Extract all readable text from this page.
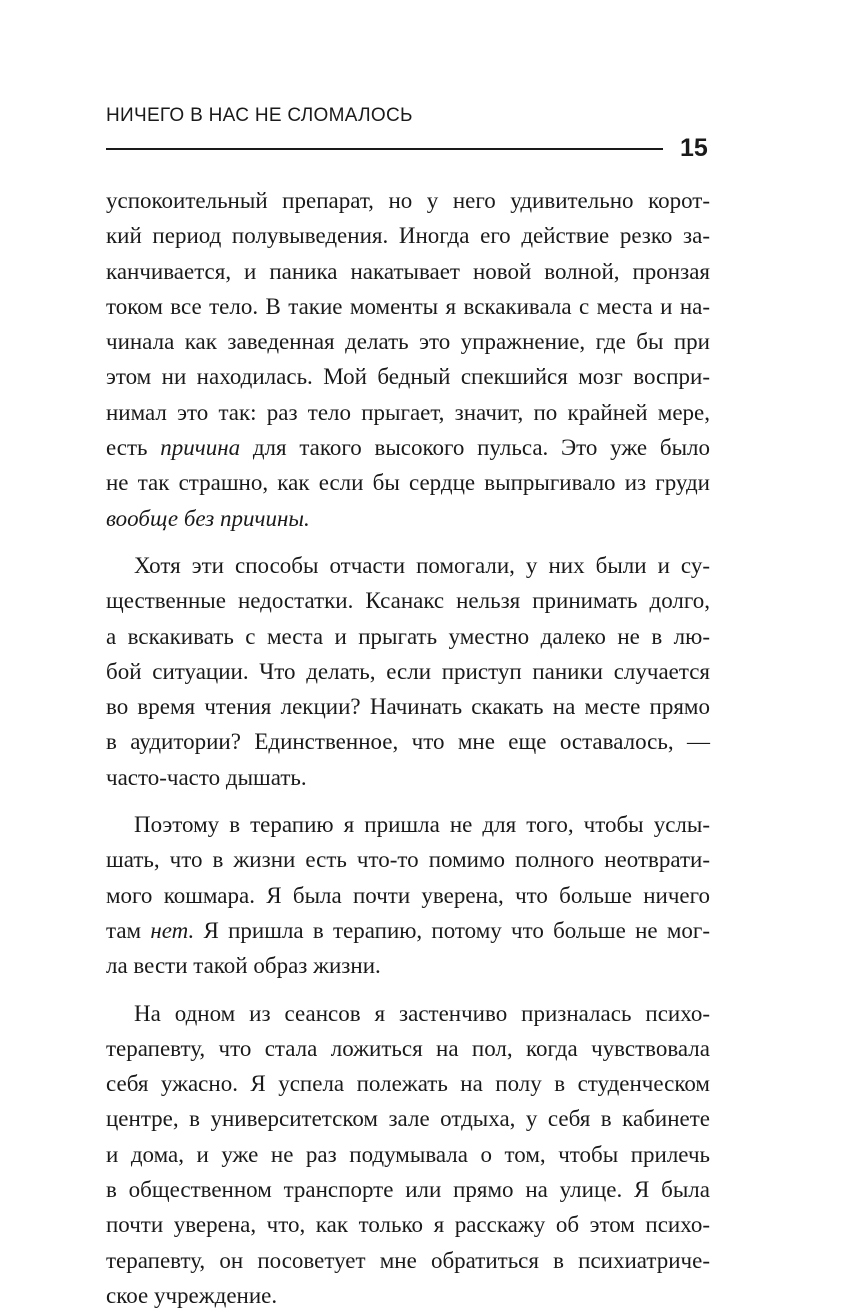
НИЧЕГО В НАС НЕ СЛОМАЛОСЬ
15
успокоительный препарат, но у него удивительно корот-
кий период полувыведения. Иногда его действие резко за-
канчивается, и паника накатывает новой волной, пронзая
током все тело. В такие моменты я вскакивала с места и на-
чинала как заведенная делать это упражнение, где бы при
этом ни находилась. Мой бедный спекшийся мозг воспри-
нимал это так: раз тело прыгает, значит, по крайней мере,
есть причина для такого высокого пульса. Это уже было
не так страшно, как если бы сердце выпрыгивало из груди
вообще без причины.
Хотя эти способы отчасти помогали, у них были и су-
щественные недостатки. Ксанакс нельзя принимать долго,
а вскакивать с места и прыгать уместно далеко не в лю-
бой ситуации. Что делать, если приступ паники случается
во время чтения лекции? Начинать скакать на месте прямо
в аудитории? Единственное, что мне еще оставалось, —
часто-часто дышать.
Поэтому в терапию я пришла не для того, чтобы услы-
шать, что в жизни есть что-то помимо полного неотврати-
мого кошмара. Я была почти уверена, что больше ничего
там нет. Я пришла в терапию, потому что больше не мог-
ла вести такой образ жизни.
На одном из сеансов я застенчиво призналась психо-
терапевту, что стала ложиться на пол, когда чувствовала
себя ужасно. Я успела полежать на полу в студенческом
центре, в университетском зале отдыха, у себя в кабинете
и дома, и уже не раз подумывала о том, чтобы прилечь
в общественном транспорте или прямо на улице. Я была
почти уверена, что, как только я расскажу об этом психо-
терапевту, он посоветует мне обратиться в психиатриче-
ское учреждение.
